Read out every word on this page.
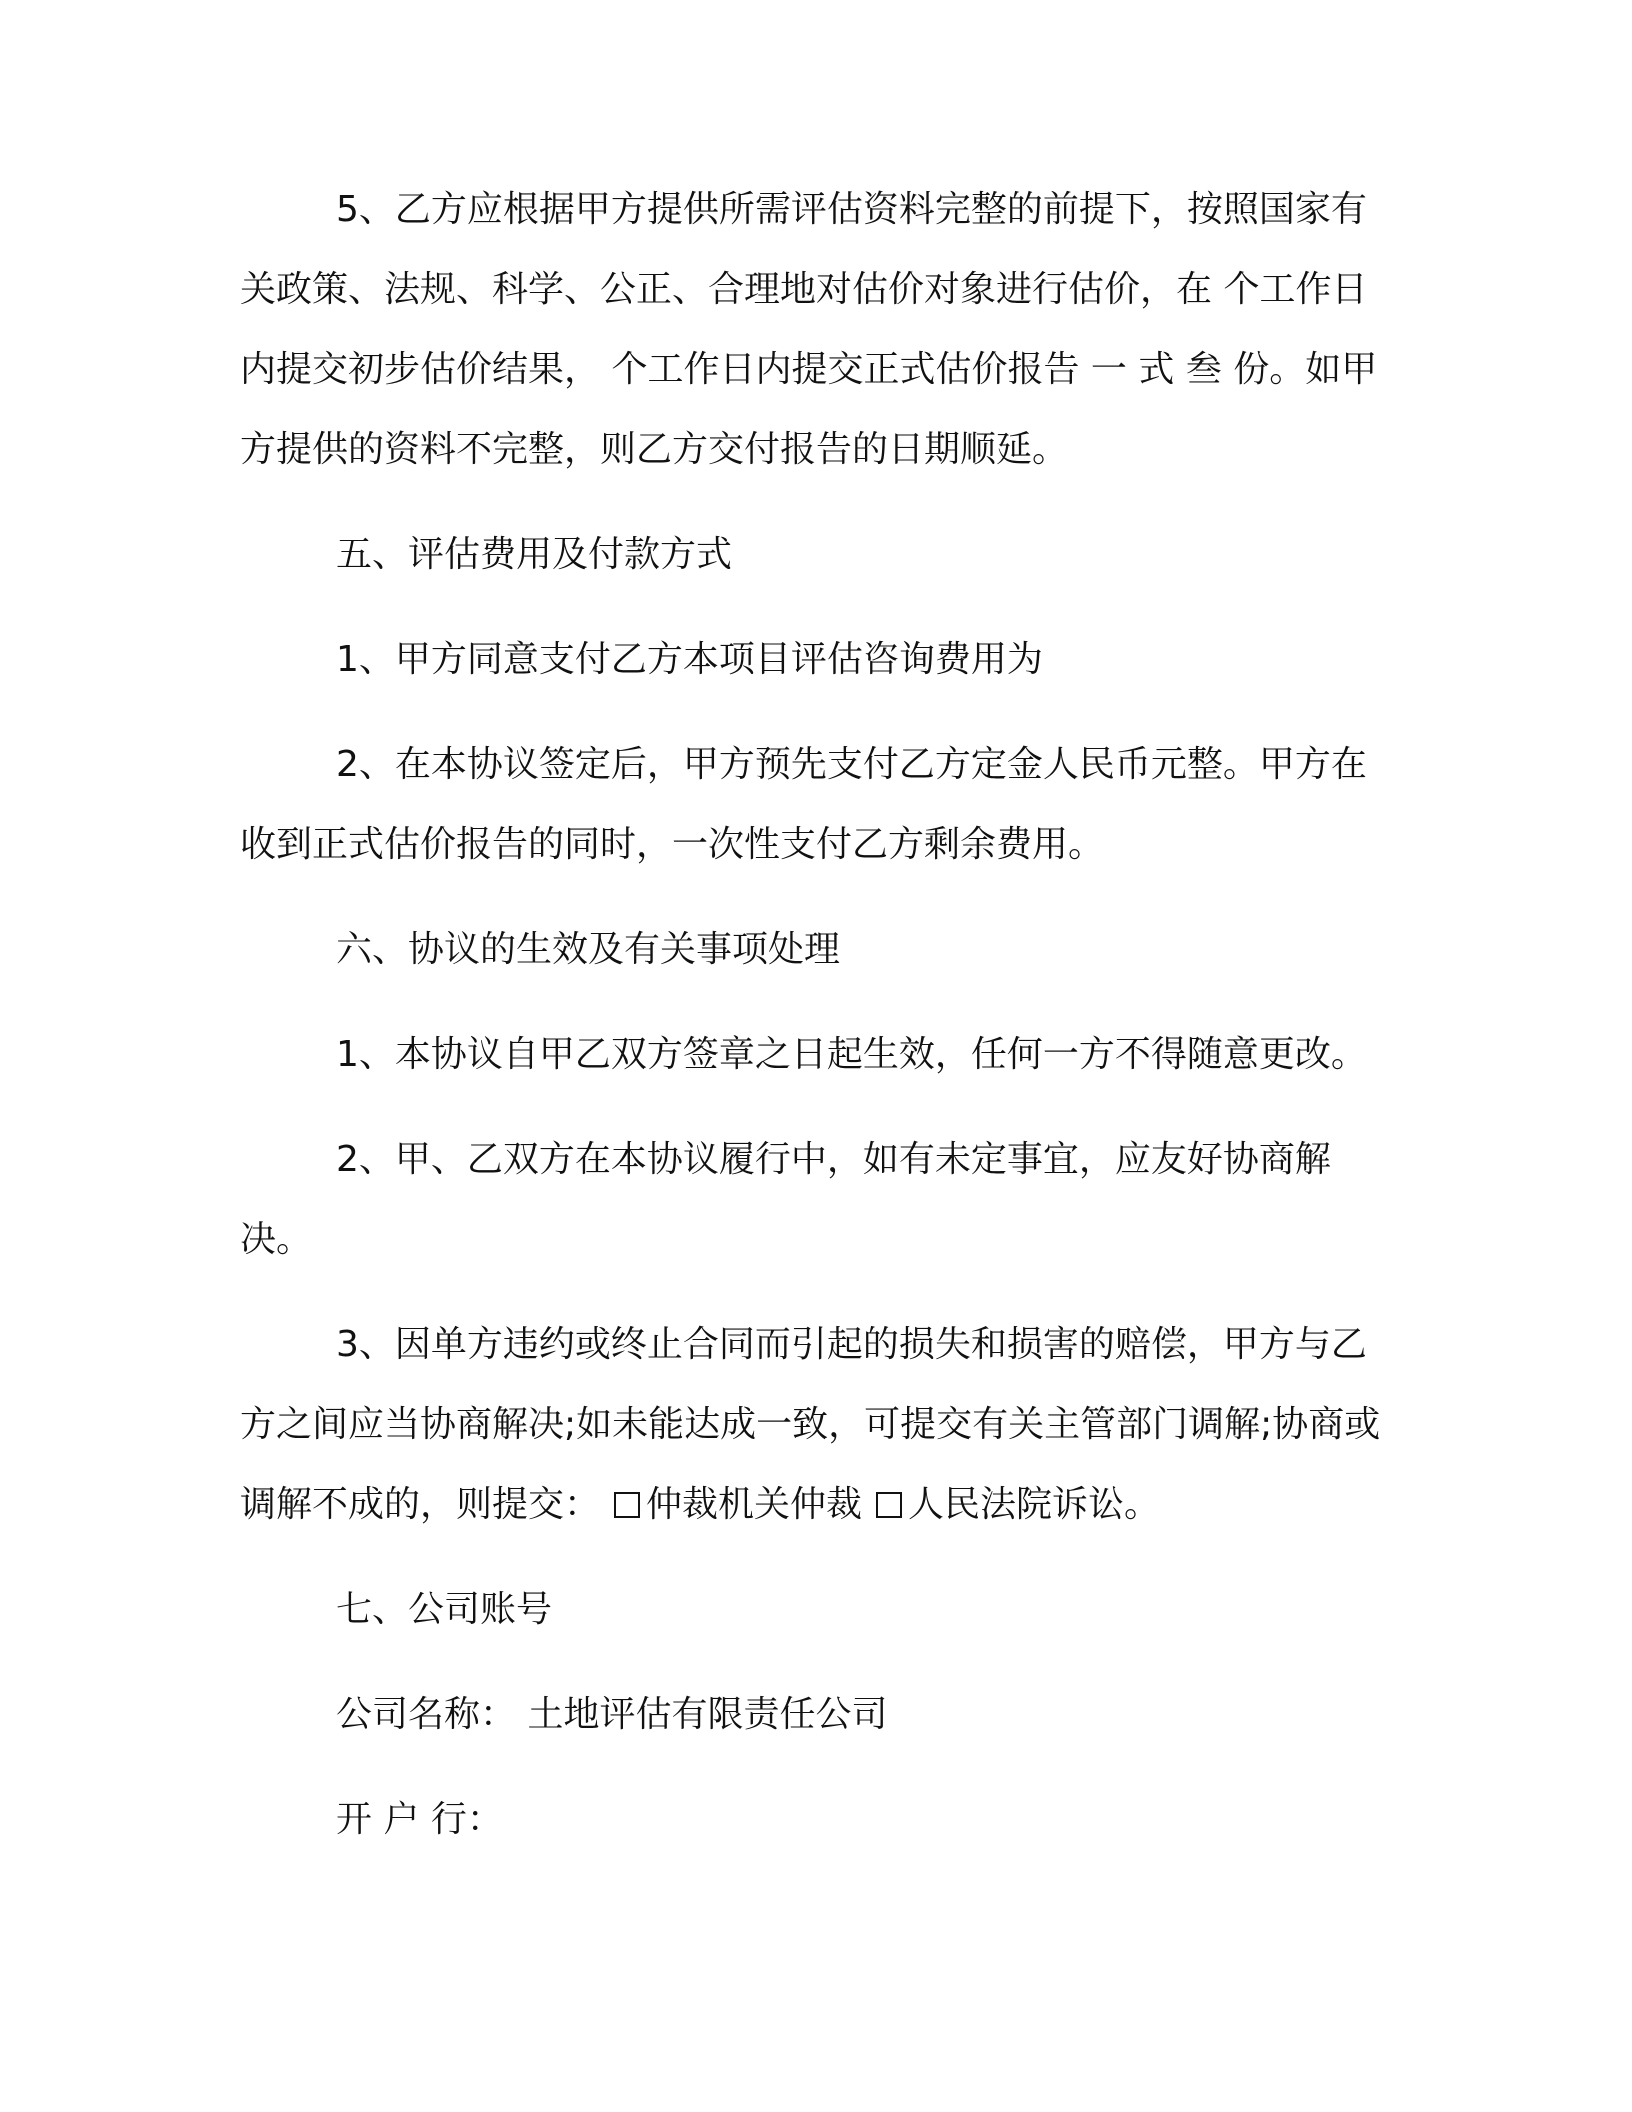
5、乙方应根据甲方提供所需评估资料完整的前提下，按照国家有关政策、法规、科学、公正、合理地对估价对象进行估价，在 个工作日内提交初步估价结果， 个工作日内提交正式估价报告 一 式 叁 份。如甲方提供的资料不完整，则乙方交付报告的日期顺延。

五、评估费用及付款方式

1、甲方同意支付乙方本项目评估咨询费用为

2、在本协议签定后，甲方预先支付乙方定金人民币元整。甲方在收到正式估价报告的同时，一次性支付乙方剩余费用。

六、协议的生效及有关事项处理

1、本协议自甲乙双方签章之日起生效，任何一方不得随意更改。

2、甲、乙双方在本协议履行中，如有未定事宜，应友好协商解决。

3、因单方违约或终止合同而引起的损失和损害的赔偿，甲方与乙方之间应当协商解决;如未能达成一致，可提交有关主管部门调解;协商或调解不成的，则提交： 仲裁机关仲裁 人民法院诉讼。

七、公司账号

公司名称： 土地评估有限责任公司

开 户 行：
